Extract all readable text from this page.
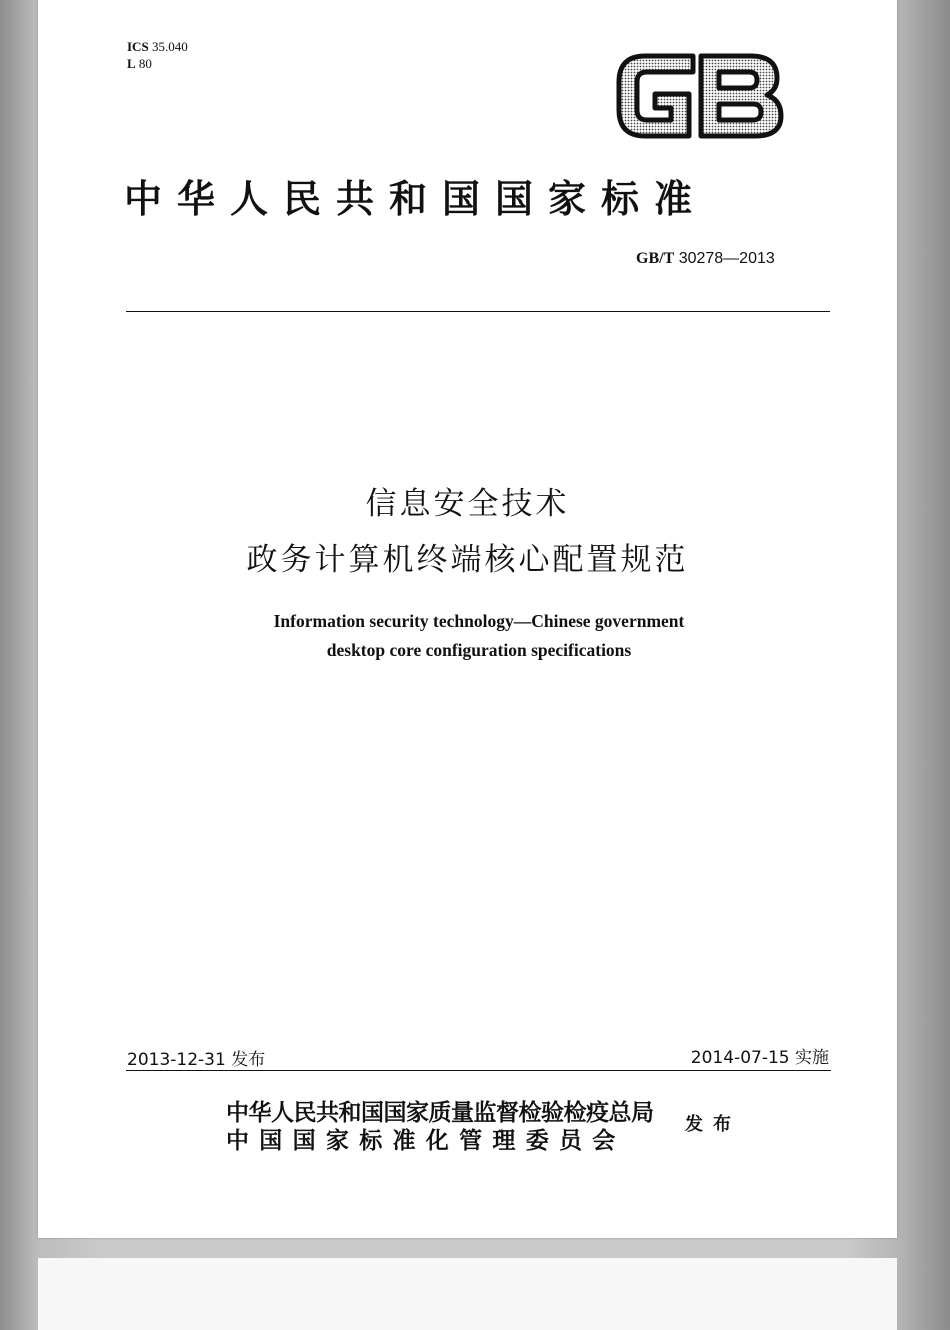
ICS 35.040
L 80
中华人民共和国国家标准
GB/T 30278—2013
信息安全技术
政务计算机终端核心配置规范
Information security technology—Chinese government
desktop core configuration specifications
2013-12-31 发布	2014-07-15 实施
中华人民共和国国家质量监督检验检疫总局
中国国家标准化管理委员会
发布
